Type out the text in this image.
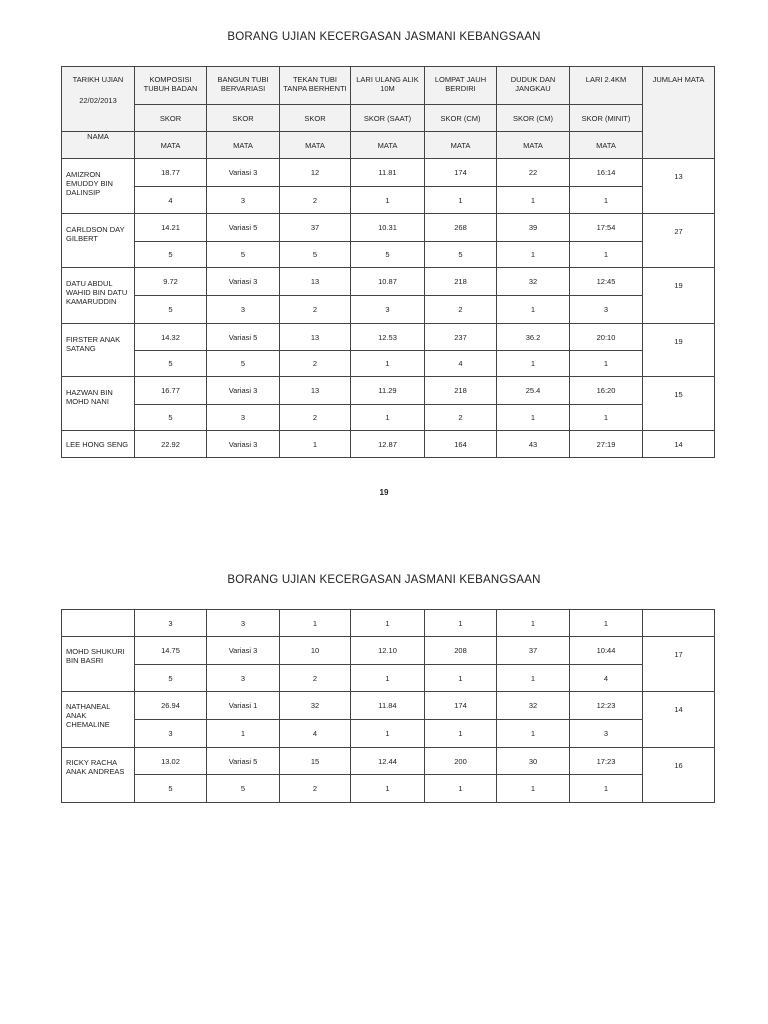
BORANG UJIAN KECERGASAN JASMANI KEBANGSAAN
TARIKH UJIAN
22/02/2013	KOMPOSISI TUBUH BADAN	BANGUN TUBI BERVARIASI	TEKAN TUBI TANPA BERHENTI	LARI ULANG ALIK 10M	LOMPAT JAUH BERDIRI	DUDUK DAN JANGKAU	LARI 2.4KM	JUMLAH MATA
	SKOR	SKOR	SKOR	SKOR (SAAT)	SKOR (CM)	SKOR (CM)	SKOR (MINIT)	
NAMA	MATA	MATA	MATA	MATA	MATA	MATA	MATA	
AMIZRON EMUDDY BIN DALINSIP	18.77	Variasi 3	12	11.81	174	22	16:14	13
	4	3	2	1	1	1	1	
CARLDSON DAY GILBERT	14.21	Variasi 5	37	10.31	268	39	17:54	27
	5	5	5	5	5	1	1	
DATU ABDUL WAHID BIN DATU KAMARUDDIN	9.72	Variasi 3	13	10.87	218	32	12:45	19
	5	3	2	3	2	1	3	
FIRSTER ANAK SATANG	14.32	Variasi 5	13	12.53	237	36.2	20:10	19
	5	5	2	1	4	1	1	
HAZWAN BIN MOHD NANI	16.77	Variasi 3	13	11.29	218	25.4	16:20	15
	5	3	2	1	2	1	1	
LEE HONG SENG	22.92	Variasi 3	1	12.87	164	43	27:19	14
19
BORANG UJIAN KECERGASAN JASMANI KEBANGSAAN
	3	3	1	1	1	1	1	
MOHD SHUKURI BIN BASRI	14.75	Variasi 3	10	12.10	208	37	10:44	17
	5	3	2	1	1	1	4	
NATHANEAL ANAK CHEMALINE	26.94	Variasi 1	32	11.84	174	32	12:23	14
	3	1	4	1	1	1	3	
RICKY RACHA ANAK ANDREAS	13.02	Variasi 5	15	12.44	200	30	17:23	16
	5	5	2	1	1	1	1	
